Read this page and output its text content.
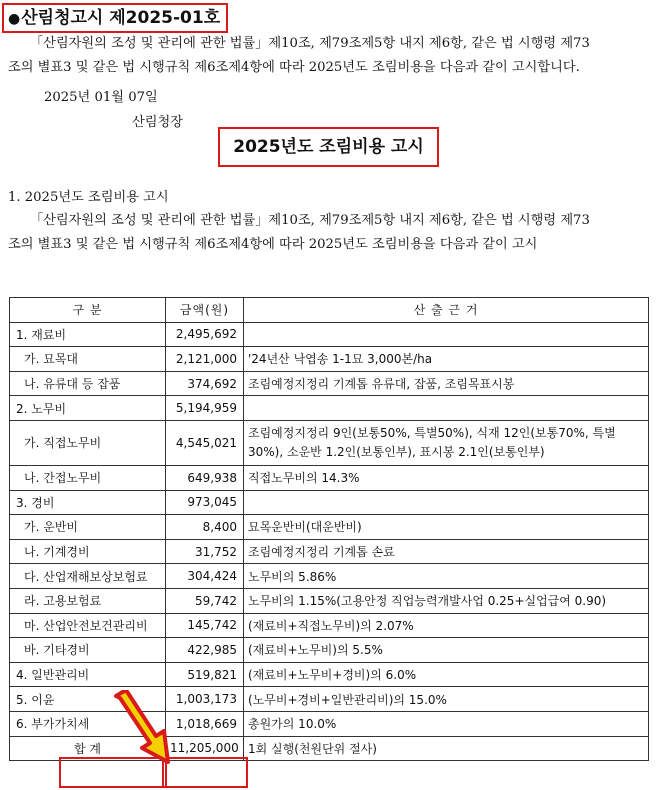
●산림청고시 제2025-01호
「산림자원의 조성 및 관리에 관한 법률」제10조, 제79조제5항 내지 제6항, 같은 법 시행령 제73
조의 별표3 및 같은 법 시행규칙 제6조제4항에 따라 2025년도 조림비용을 다음과 같이 고시합니다.
2025년 01월 07일
산림청장
2025년도 조림비용 고시
1. 2025년도 조림비용 고시
「산림자원의 조성 및 관리에 관한 법률」제10조, 제79조제5항 내지 제6항, 같은 법 시행령 제73
조의 별표3 및 같은 법 시행규칙 제6조제4항에 따라 2025년도 조림비용을 다음과 같이 고시
구 분	금액(원)	산 출 근 거
1. 재료비	2,495,692	
가. 묘목대	2,121,000	'24년산 낙엽송 1-1묘 3,000본/ha
나. 유류대 등 잡품	374,692	조림예정지정리 기계톱 유류대, 잡품, 조림목표시봉
2. 노무비	5,194,959	
가. 직접노무비	4,545,021	조림예정지정리 9인(보통50%, 특별50%), 식재 12인(보통70%, 특별30%), 소운반 1.2인(보통인부), 표시봉 2.1인(보통인부)
나. 간접노무비	649,938	직접노무비의 14.3%
3. 경비	973,045	
가. 운반비	8,400	묘목운반비(대운반비)
나. 기계경비	31,752	조림예정지정리 기계톱 손료
다. 산업재해보상보험료	304,424	노무비의 5.86%
라. 고용보험료	59,742	노무비의 1.15%(고용안정 직업능력개발사업 0.25+실업급여 0.90)
마. 산업안전보건관리비	145,742	(재료비+직접노무비)의 2.07%
바. 기타경비	422,985	(재료비+노무비)의 5.5%
4. 일반관리비	519,821	(재료비+노무비+경비)의 6.0%
5. 이윤	1,003,173	(노무비+경비+일반관리비)의 15.0%
6. 부가가치세	1,018,669	총원가의 10.0%
합 계	11,205,000	1회 실행(천원단위 절사)
